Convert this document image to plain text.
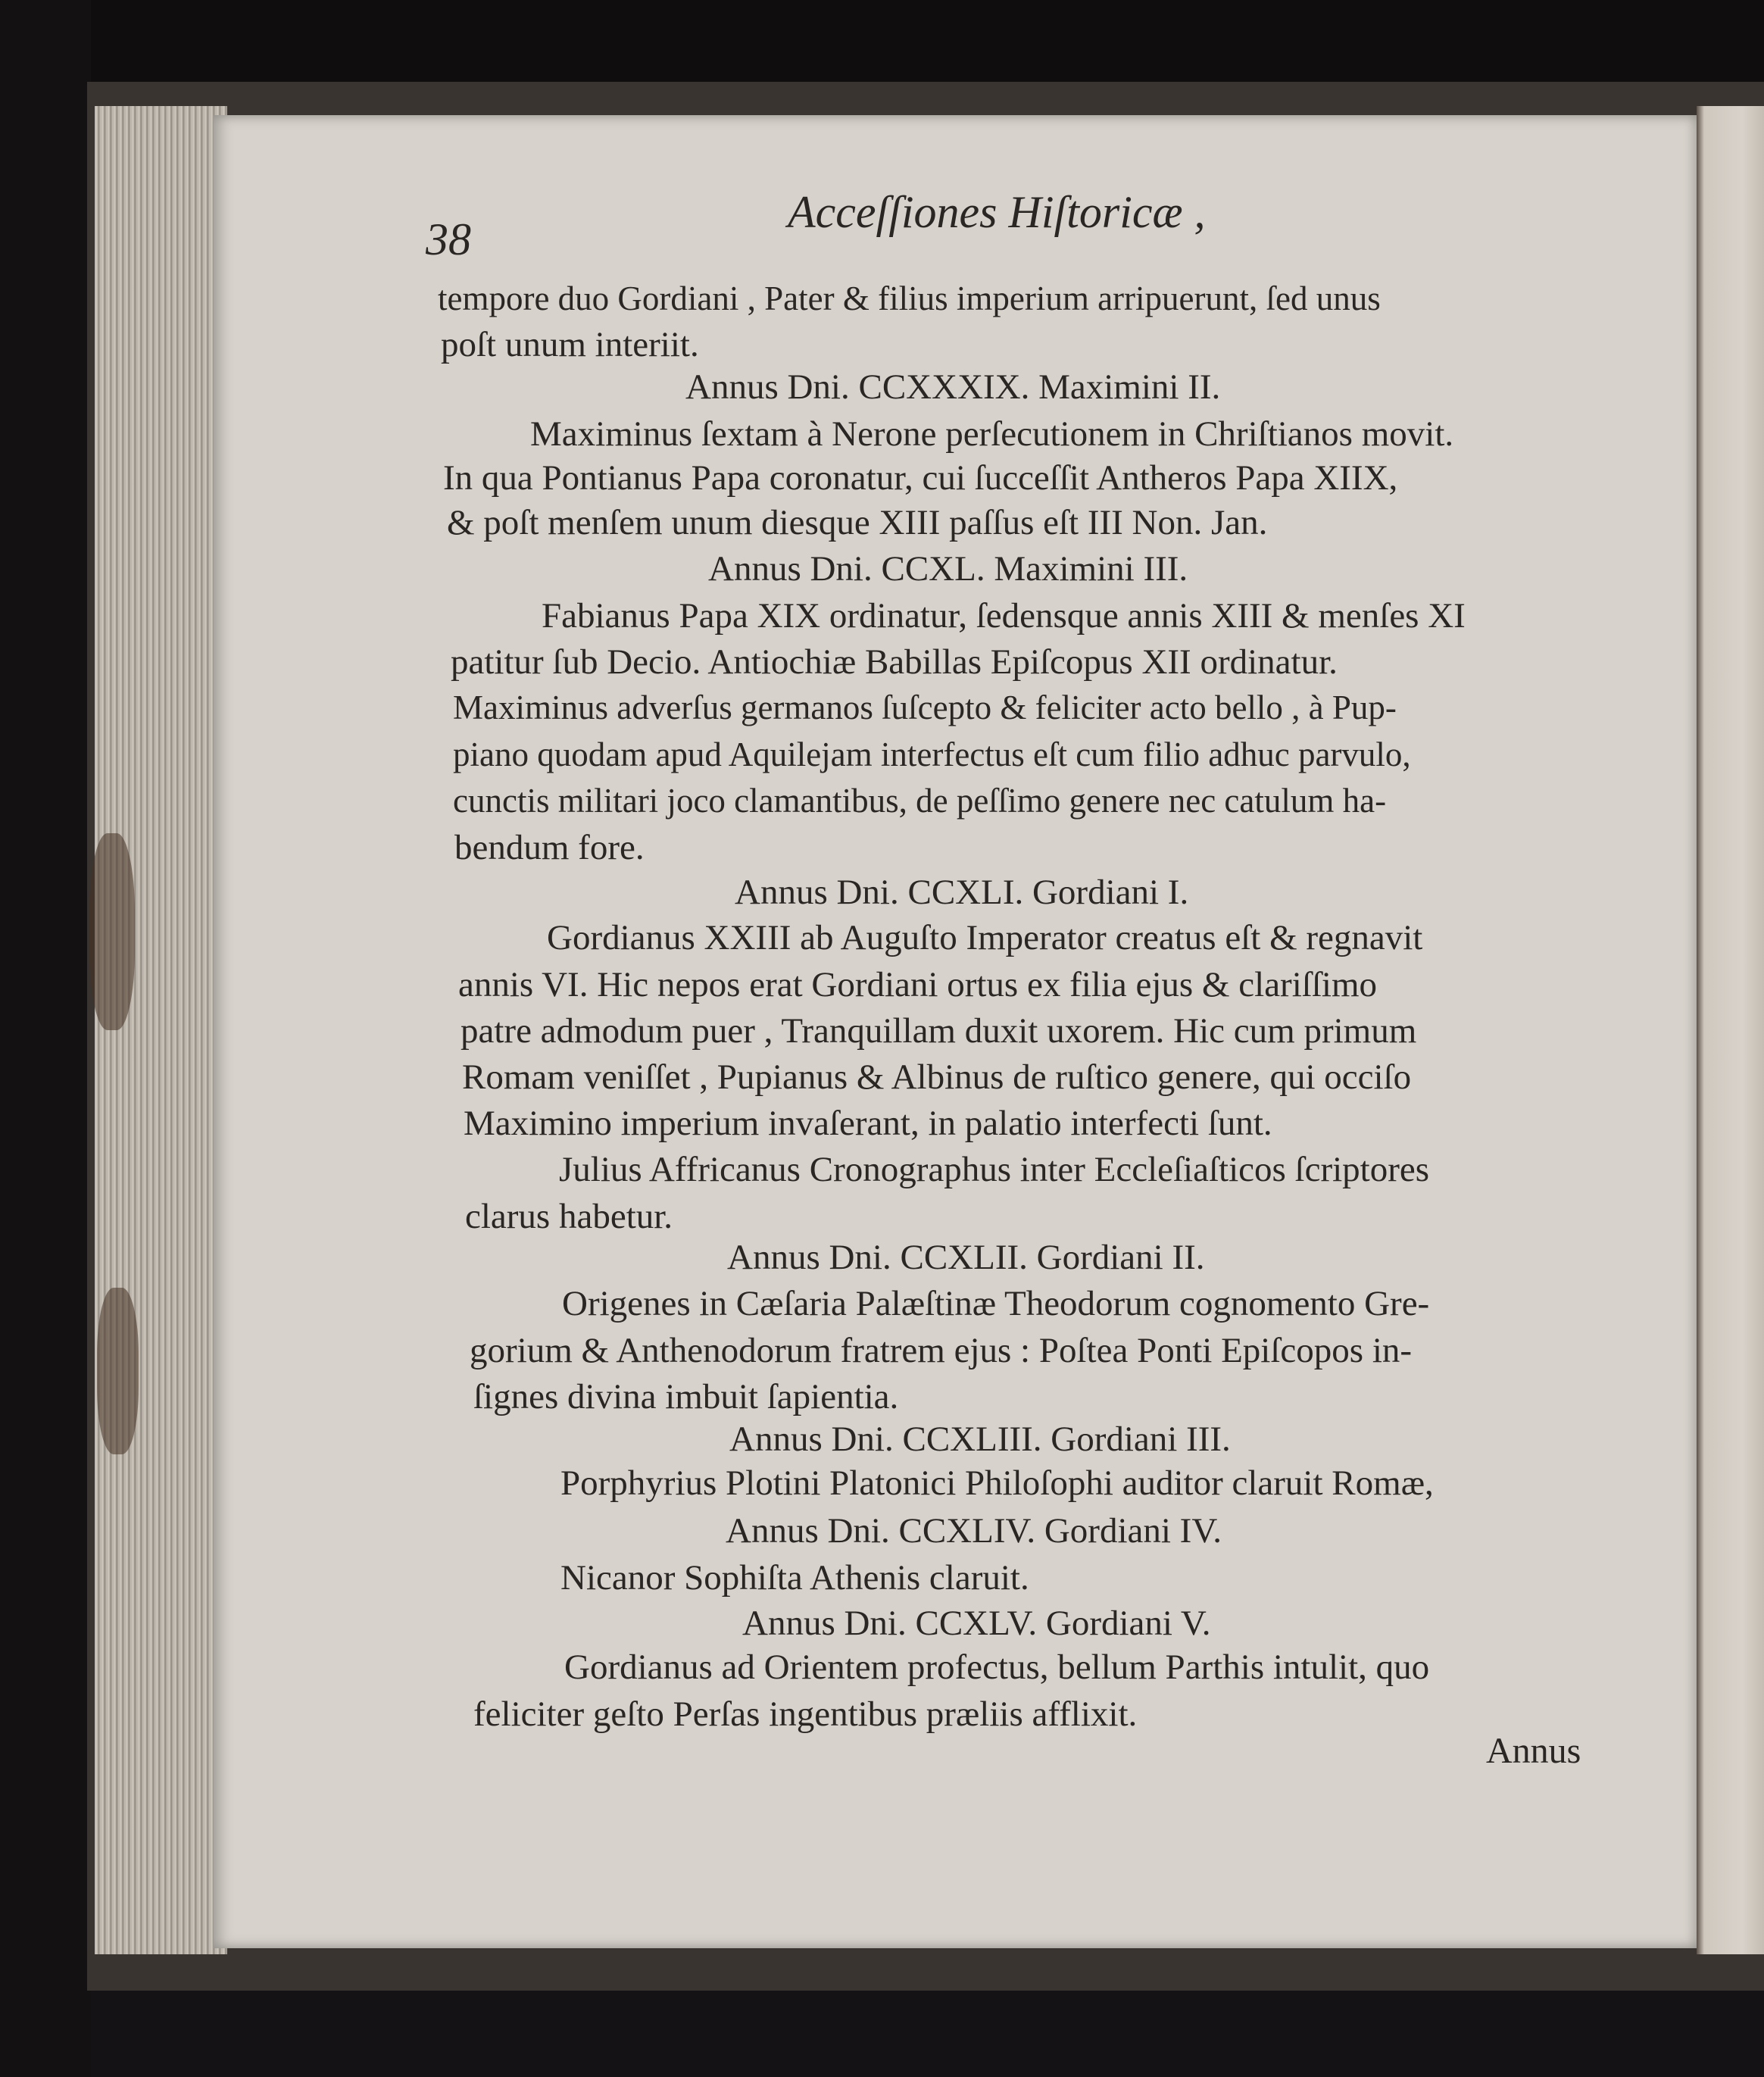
38
Acceſſiones Hiſtoricæ ,
tempore duo Gordiani , Pater & filius imperium arripuerunt, ſed unus
poſt unum interiit.
Annus Dni. CCXXXIX. Maximini II.
Maximinus ſextam à Nerone perſecutionem in Chriſtianos movit.
In qua Pontianus Papa coronatur, cui ſucceſſit Antheros Papa XIIX,
& poſt menſem unum diesque XIII paſſus eſt III Non. Jan.
Annus Dni. CCXL. Maximini III.
Fabianus Papa XIX ordinatur, ſedensque annis XIII & menſes XI
patitur ſub Decio. Antiochiæ Babillas Epiſcopus XII ordinatur.
Maximinus adverſus germanos ſuſcepto & feliciter acto bello , à Pup-
piano quodam apud Aquilejam interfectus eſt cum filio adhuc parvulo,
cunctis militari joco clamantibus, de peſſimo genere nec catulum ha-
bendum fore.
Annus Dni. CCXLI. Gordiani I.
Gordianus XXIII ab Auguſto Imperator creatus eſt & regnavit
annis VI. Hic nepos erat Gordiani ortus ex filia ejus & clariſſimo
patre admodum puer , Tranquillam duxit uxorem. Hic cum primum
Romam veniſſet , Pupianus & Albinus de ruſtico genere, qui occiſo
Maximino imperium invaſerant, in palatio interfecti ſunt.
Julius Affricanus Cronographus inter Eccleſiaſticos ſcriptores
clarus habetur.
Annus Dni. CCXLII. Gordiani II.
Origenes in Cæſaria Palæſtinæ Theodorum cognomento Gre-
gorium & Anthenodorum fratrem ejus : Poſtea Ponti Epiſcopos in-
ſignes divina imbuit ſapientia.
Annus Dni. CCXLIII. Gordiani III.
Porphyrius Plotini Platonici Philoſophi auditor claruit Romæ,
Annus Dni. CCXLIV. Gordiani IV.
Nicanor Sophiſta Athenis claruit.
Annus Dni. CCXLV. Gordiani V.
Gordianus ad Orientem profectus, bellum Parthis intulit, quo
feliciter geſto Perſas ingentibus præliis afflixit.
Annus
